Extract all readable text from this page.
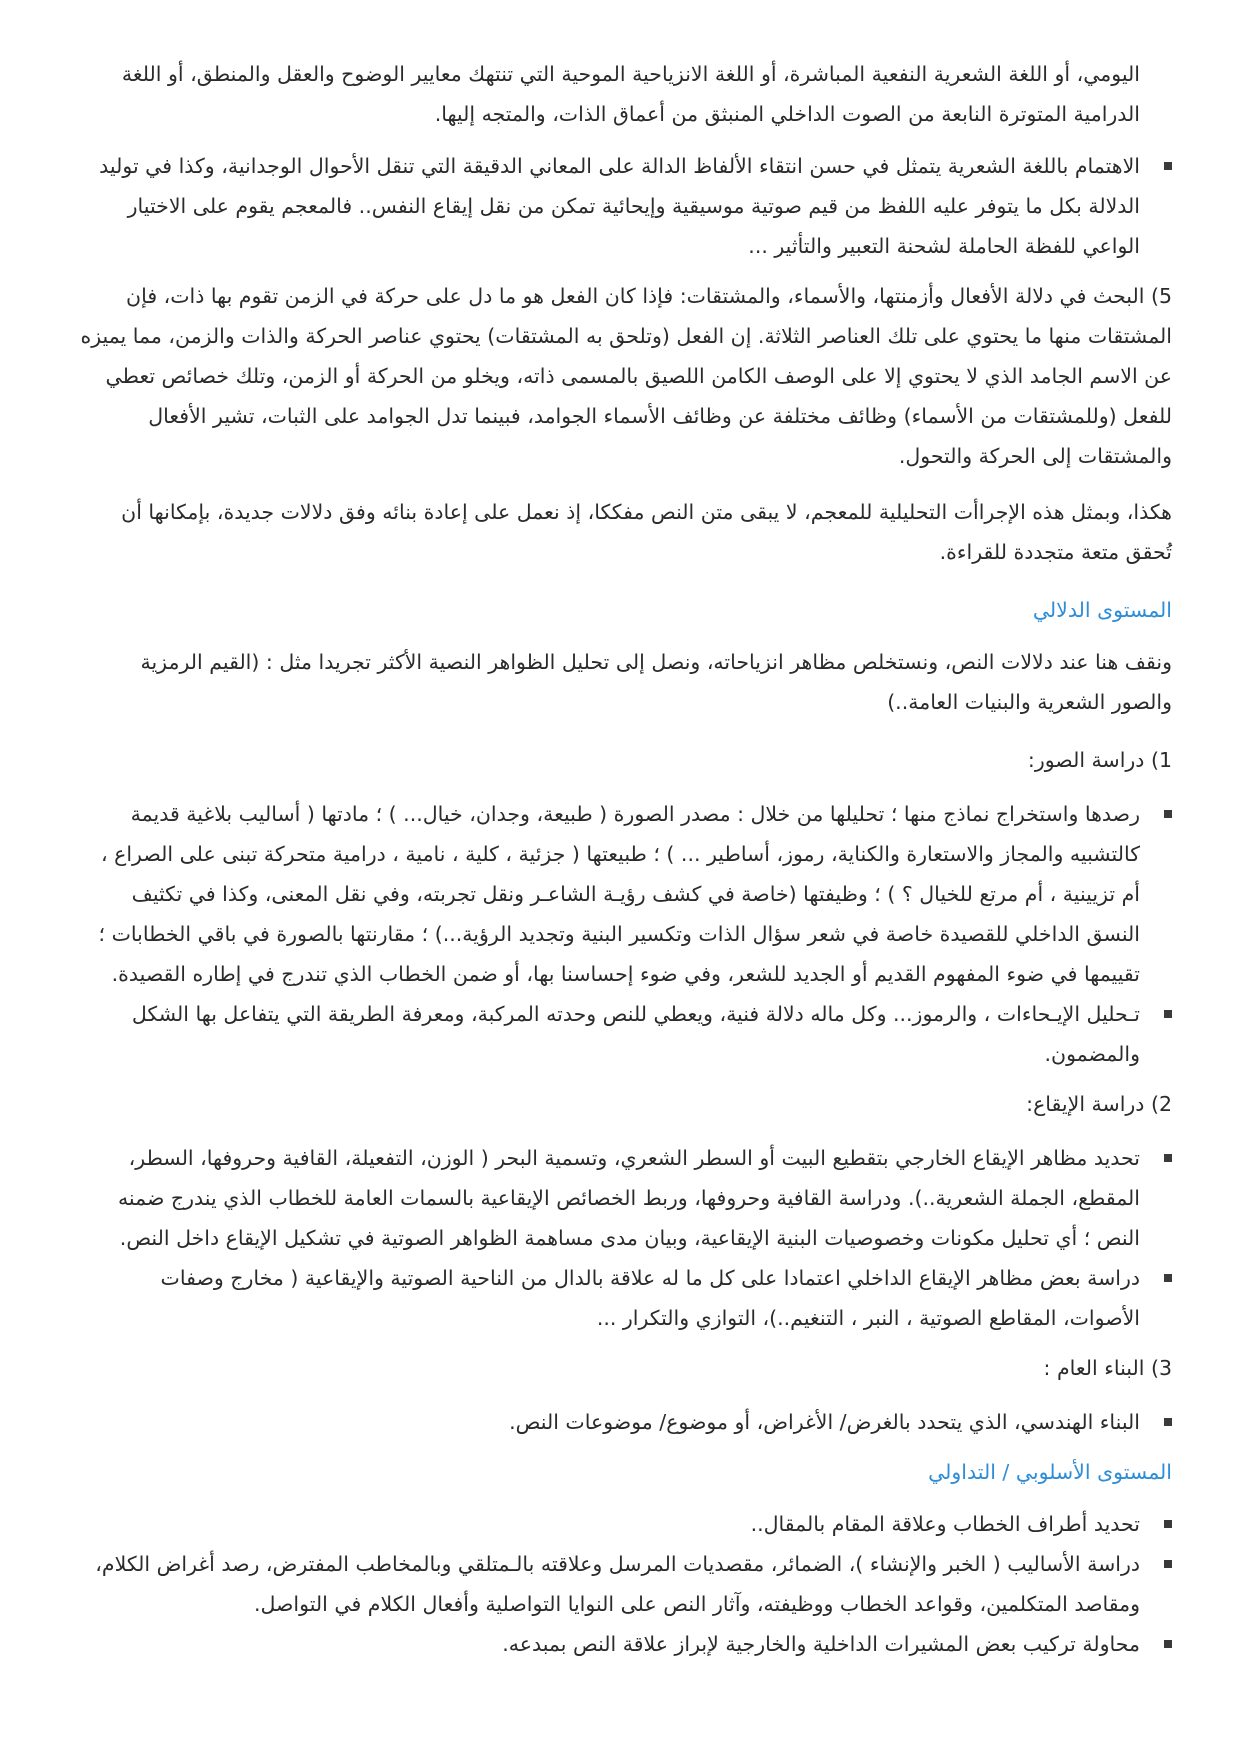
اليومي، أو اللغة الشعرية النفعية المباشرة، أو اللغة الانزياحية الموحية التي تنتهك معايير الوضوح والعقل والمنطق، أو اللغة الدرامية المتوترة النابعة من الصوت الداخلي المنبثق من أعماق الذات، والمتجه إليها.

الاهتمام باللغة الشعرية يتمثل في حسن انتقاء الألفاظ الدالة على المعاني الدقيقة التي تنقل الأحوال الوجدانية، وكذا في توليد الدلالة بكل ما يتوفر عليه اللفظ من قيم صوتية موسيقية وإيحائية تمكن من نقل إيقاع النفس.. فالمعجم يقوم على الاختيار الواعي للفظة الحاملة لشحنة التعبير والتأثير ...

5) البحث في دلالة الأفعال وأزمنتها، والأسماء، والمشتقات: فإذا كان الفعل هو ما دل على حركة في الزمن تقوم بها ذات، فإن المشتقات منها ما يحتوي على تلك العناصر الثلاثة. إن الفعل (وتلحق به المشتقات) يحتوي عناصر الحركة والذات والزمن، مما يميزه عن الاسم الجامد الذي لا يحتوي إلا على الوصف الكامن اللصيق بالمسمى ذاته، ويخلو من الحركة أو الزمن، وتلك خصائص تعطي للفعل (وللمشتقات من الأسماء) وظائف مختلفة عن وظائف الأسماء الجوامد، فبينما تدل الجوامد على الثبات، تشير الأفعال والمشتقات إلى الحركة والتحول.

هكذا، وبمثل هذه الإجراأت التحليلية للمعجم، لا يبقى متن النص مفككا، إذ نعمل على إعادة بنائه وفق دلالات جديدة، بإمكانها أن تُحقق متعة متجددة للقراءة.

المستوى الدلالي

ونقف هنا عند دلالات النص، ونستخلص مظاهر انزياحاته، ونصل إلى تحليل الظواهر النصية الأكثر تجريدا مثل : (القيم الرمزية والصور الشعرية والبنيات العامة..)

1) دراسة الصور:

رصدها واستخراج نماذج منها ؛ تحليلها من خلال : مصدر الصورة ( طبيعة، وجدان، خيال... ) ؛ مادتها ( أساليب بلاغية قديمة كالتشبيه والمجاز والاستعارة والكناية، رموز، أساطير ... ) ؛ طبيعتها ( جزئية ، كلية ، نامية ، درامية متحركة تبنى على الصراع ، أم تزيينية ، أم مرتع للخيال ؟ ) ؛ وظيفتها (خاصة في كشف رؤيـة الشاعـر ونقل تجربته، وفي نقل المعنى، وكذا في تكثيف النسق الداخلي للقصيدة خاصة في شعر سؤال الذات وتكسير البنية وتجديد الرؤية...) ؛ مقارنتها بالصورة في باقي الخطابات ؛ تقييمها في ضوء المفهوم القديم أو الجديد للشعر، وفي ضوء إحساسنا بها، أو ضمن الخطاب الذي تندرج في إطاره القصيدة.
تـحليل الإيـحاءات ، والرموز... وكل ماله دلالة فنية، ويعطي للنص وحدته المركبة، ومعرفة الطريقة التي يتفاعل بها الشكل والمضمون.

2) دراسة الإيقاع:

تحديد مظاهر الإيقاع الخارجي بتقطيع البيت أو السطر الشعري، وتسمية البحر ( الوزن، التفعيلة، القافية وحروفها، السطر، المقطع، الجملة الشعرية..). ودراسة القافية وحروفها، وربط الخصائص الإيقاعية بالسمات العامة للخطاب الذي يندرج ضمنه النص ؛ أي تحليل مكونات وخصوصيات البنية الإيقاعية، وبيان مدى مساهمة الظواهر الصوتية في تشكيل الإيقاع داخل النص.
دراسة بعض مظاهر الإيقاع الداخلي اعتمادا على كل ما له علاقة بالدال من الناحية الصوتية والإيقاعية ( مخارج وصفات الأصوات، المقاطع الصوتية ، النبر ، التنغيم..)، التوازي والتكرار ...

3) البناء العام :

البناء الهندسي، الذي يتحدد بالغرض/ الأغراض، أو موضوع/ موضوعات النص.

المستوى الأسلوبي / التداولي

تحديد أطراف الخطاب وعلاقة المقام بالمقال..
دراسة الأساليب ( الخبر والإنشاء )، الضمائر، مقصديات المرسل وعلاقته بالـمتلقي وبالمخاطب المفترض، رصد أغراض الكلام، ومقاصد المتكلمين، وقواعد الخطاب ووظيفته، وآثار النص على النوايا التواصلية وأفعال الكلام في التواصل.
محاولة تركيب بعض المشيرات الداخلية والخارجية لإبراز علاقة النص بمبدعه.
